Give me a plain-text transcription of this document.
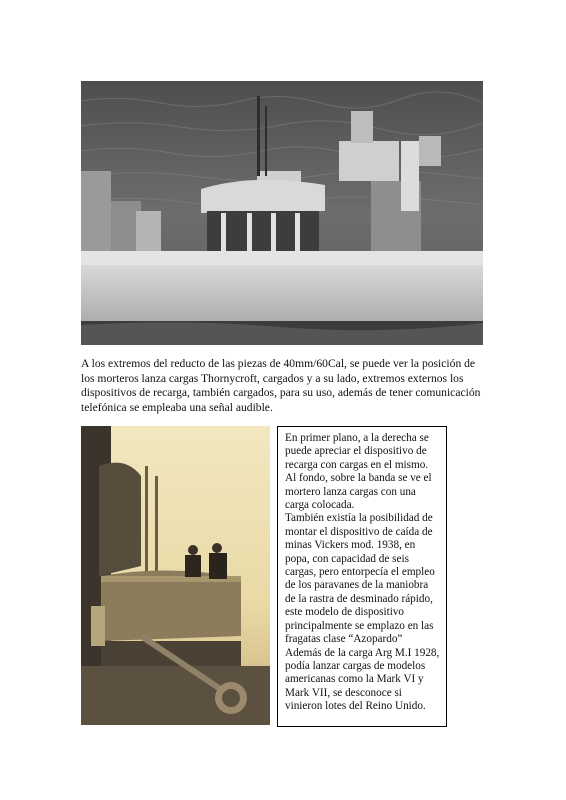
A los extremos del reducto de las piezas de 40mm/60Cal, se puede ver la posición de los morteros lanza cargas Thornycroft, cargados y a su lado, extremos externos los dispositivos de recarga, también cargados, para su uso, además de tener comunicación telefónica se empleaba una señal audible.

En primer plano, a la derecha se puede apreciar el dispositivo de recarga con cargas en el mismo. Al fondo, sobre la banda se ve el mortero lanza cargas con una carga colocada.

También existía la posibilidad de montar el dispositivo de caída de minas Vickers mod. 1938, en popa, con capacidad de seis cargas, pero entorpecía el empleo de los paravanes de la maniobra de la rastra de desminado rápido, este modelo de dispositivo principalmente se emplazo en las fragatas clase “Azopardo” Además de la carga Arg M.I 1928, podía lanzar cargas de modelos americanas como la Mark VI y Mark VII, se desconoce si vinieron lotes del Reino Unido.
